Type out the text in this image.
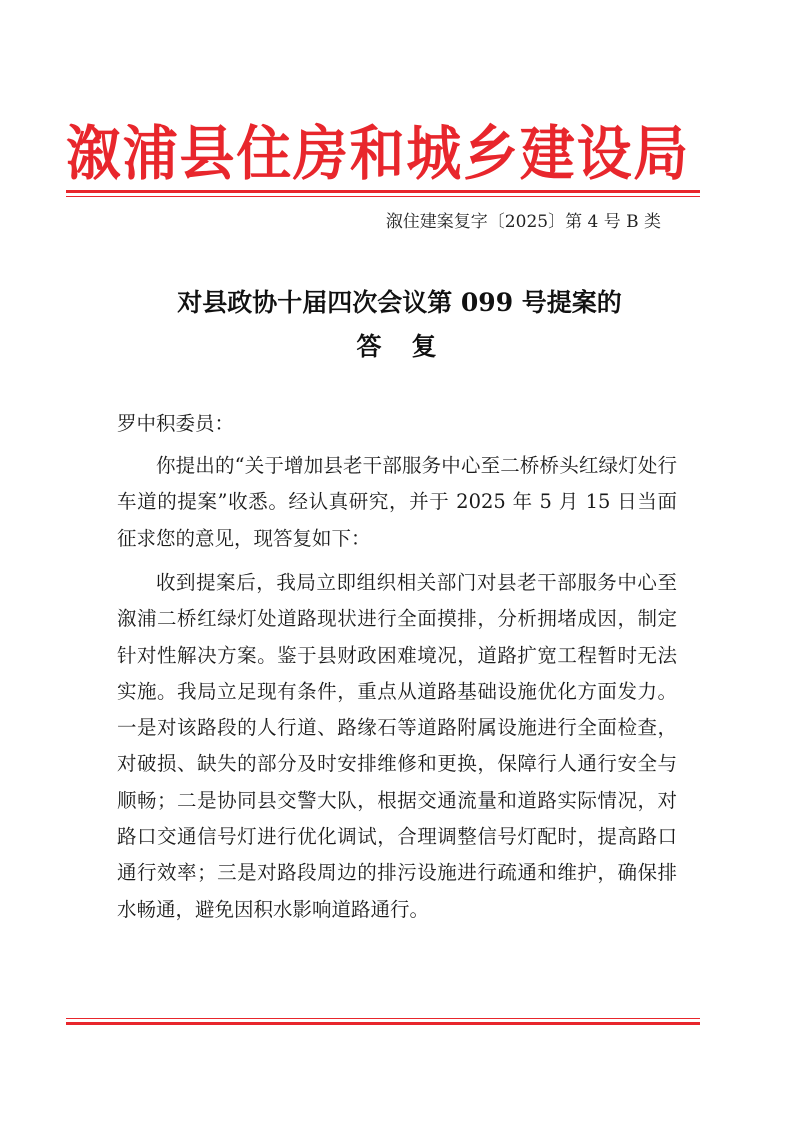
溆浦县住房和城乡建设局
溆住建案复字〔2025〕第 4 号 B 类
对县政协十届四次会议第 099 号提案的
答复
罗中积委员：

你提出的“关于增加县老干部服务中心至二桥桥头红绿灯处行车道的提案”收悉。经认真研究，并于 2025 年 5 月 15 日当面征求您的意见，现答复如下：

收到提案后，我局立即组织相关部门对县老干部服务中心至溆浦二桥红绿灯处道路现状进行全面摸排，分析拥堵成因，制定针对性解决方案。鉴于县财政困难境况，道路扩宽工程暂时无法实施。我局立足现有条件，重点从道路基础设施优化方面发力。一是对该路段的人行道、路缘石等道路附属设施进行全面检查，对破损、缺失的部分及时安排维修和更换，保障行人通行安全与顺畅；二是协同县交警大队，根据交通流量和道路实际情况，对路口交通信号灯进行优化调试，合理调整信号灯配时，提高路口通行效率；三是对路段周边的排污设施进行疏通和维护，确保排水畅通，避免因积水影响道路通行。
